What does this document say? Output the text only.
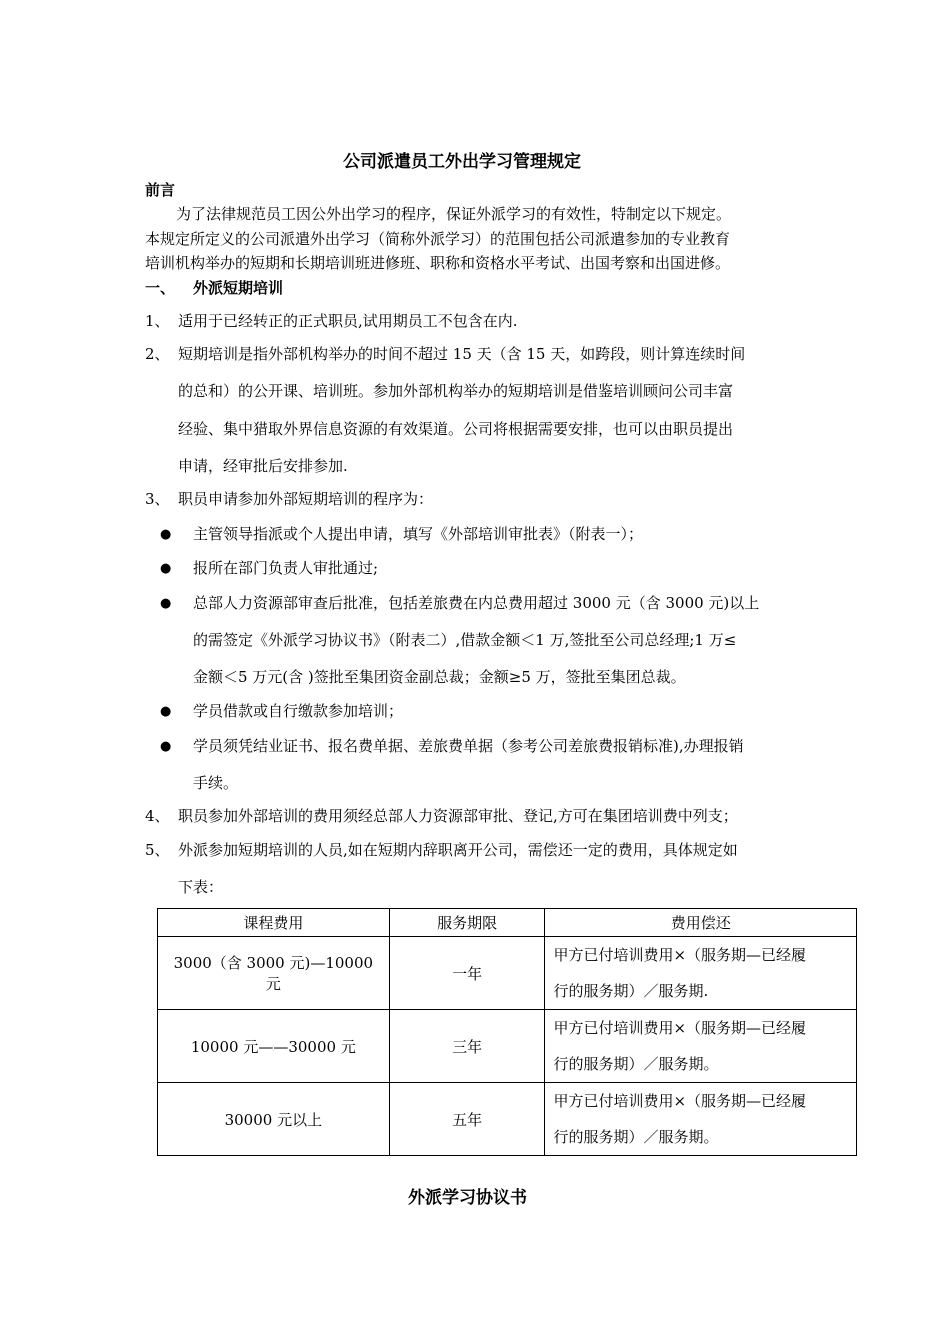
公司派遣员工外出学习管理规定
前言
为了法律规范员工因公外出学习的程序，保证外派学习的有效性，特制定以下规定。
本规定所定义的公司派遣外出学习（简称外派学习）的范围包括公司派遣参加的专业教育
培训机构举办的短期和长期培训班进修班、职称和资格水平考试、出国考察和出国进修。
一、 外派短期培训
1、 适用于已经转正的正式职员,试用期员工不包含在内.
2、 短期培训是指外部机构举办的时间不超过 15 天（含 15 天，如跨段，则计算连续时间
的总和）的公开课、培训班。参加外部机构举办的短期培训是借鉴培训顾问公司丰富
经验、集中猎取外界信息资源的有效渠道。公司将根据需要安排，也可以由职员提出
申请，经审批后安排参加.
3、 职员申请参加外部短期培训的程序为：
● 主管领导指派或个人提出申请，填写《外部培训审批表》（附表一）；
● 报所在部门负责人审批通过;
● 总部人力资源部审查后批准，包括差旅费在内总费用超过 3000 元（含 3000 元)以上
的需签定《外派学习协议书》（附表二）,借款金额＜1 万,签批至公司总经理;1 万≤
金额＜5 万元(含 )签批至集团资金副总裁；金额≥5 万，签批至集团总裁。
● 学员借款或自行缴款参加培训；
● 学员须凭结业证书、报名费单据、差旅费单据（参考公司差旅费报销标准),办理报销
手续。
4、 职员参加外部培训的费用须经总部人力资源部审批、登记,方可在集团培训费中列支；
5、 外派参加短期培训的人员,如在短期内辞职离开公司，需偿还一定的费用，具体规定如
下表：
课程费用	服务期限	费用偿还
3000（含 3000 元)—10000 元	一年	甲方已付培训费用×（服务期—已经履
行的服务期）／服务期.

10000 元——30000 元	三年	甲方已付培训费用×（服务期—已经履
行的服务期）／服务期。

30000 元以上	五年	甲方已付培训费用×（服务期—已经履
行的服务期）／服务期。
外派学习协议书
